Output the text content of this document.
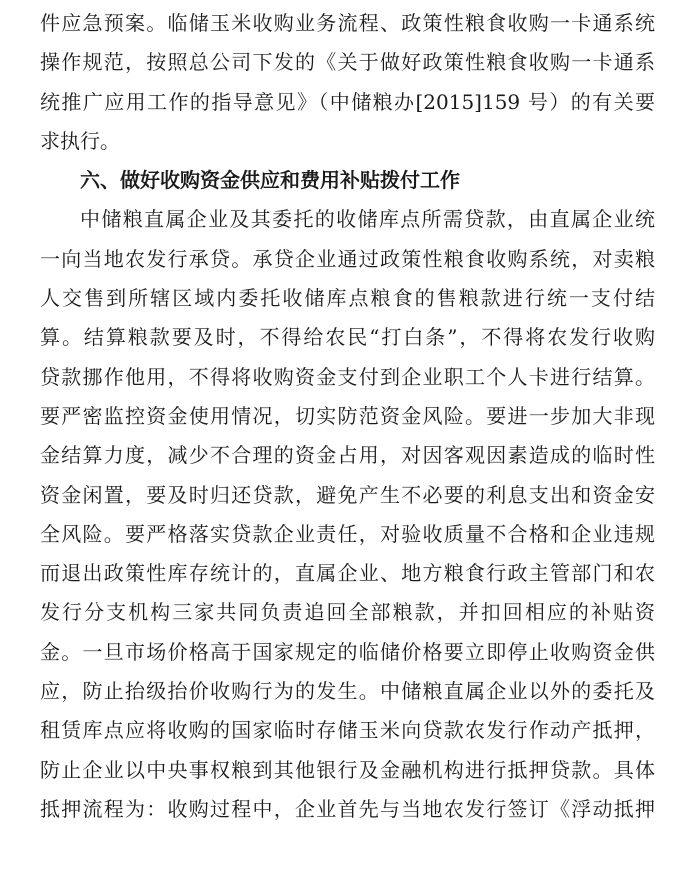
件应急预案。临储玉米收购业务流程、政策性粮食收购一卡通系统
操作规范，按照总公司下发的《关于做好政策性粮食收购一卡通系
统推广应用工作的指导意见》（中储粮办[2015]159 号）的有关要
求执行。
六、做好收购资金供应和费用补贴拨付工作
中储粮直属企业及其委托的收储库点所需贷款，由直属企业统
一向当地农发行承贷。承贷企业通过政策性粮食收购系统，对卖粮
人交售到所辖区域内委托收储库点粮食的售粮款进行统一支付结
算。结算粮款要及时，不得给农民“打白条”，不得将农发行收购
贷款挪作他用，不得将收购资金支付到企业职工个人卡进行结算。
要严密监控资金使用情况，切实防范资金风险。要进一步加大非现
金结算力度，减少不合理的资金占用，对因客观因素造成的临时性
资金闲置，要及时归还贷款，避免产生不必要的利息支出和资金安
全风险。要严格落实贷款企业责任，对验收质量不合格和企业违规
而退出政策性库存统计的，直属企业、地方粮食行政主管部门和农
发行分支机构三家共同负责追回全部粮款，并扣回相应的补贴资
金。一旦市场价格高于国家规定的临储价格要立即停止收购资金供
应，防止抬级抬价收购行为的发生。中储粮直属企业以外的委托及
租赁库点应将收购的国家临时存储玉米向贷款农发行作动产抵押，
防止企业以中央事权粮到其他银行及金融机构进行抵押贷款。具体
抵押流程为：收购过程中，企业首先与当地农发行签订《浮动抵押
